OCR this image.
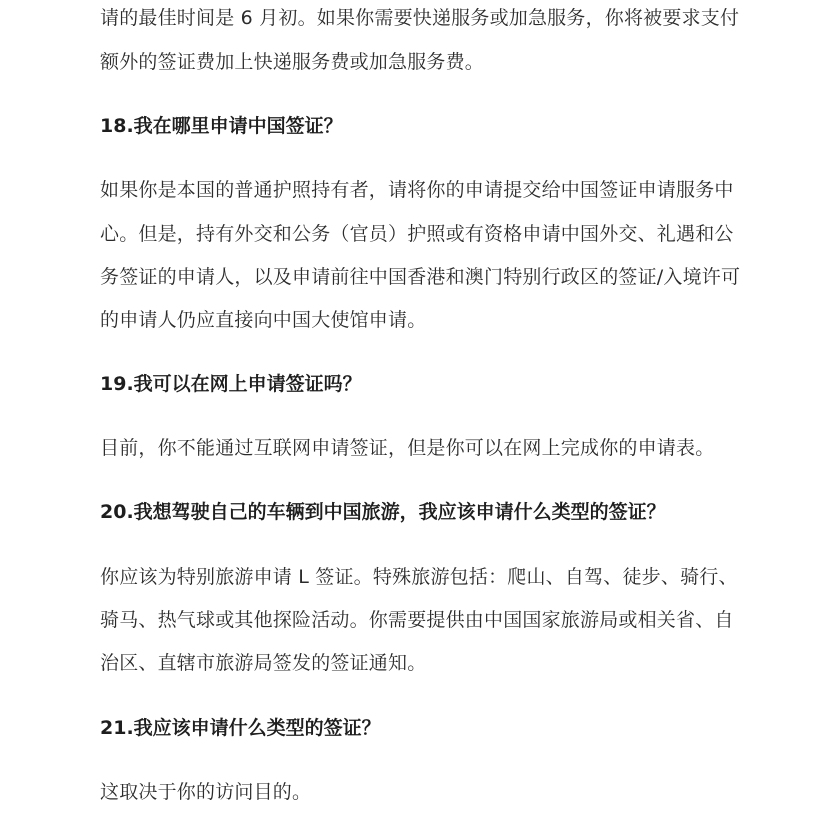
请的最佳时间是 6 月初。如果你需要快递服务或加急服务，你将被要求支付
额外的签证费加上快递服务费或加急服务费。
18.我在哪里申请中国签证？
如果你是本国的普通护照持有者，请将你的申请提交给中国签证申请服务中
心。但是，持有外交和公务（官员）护照或有资格申请中国外交、礼遇和公
务签证的申请人，以及申请前往中国香港和澳门特别行政区的签证/入境许可
的申请人仍应直接向中国大使馆申请。
19.我可以在网上申请签证吗？
目前，你不能通过互联网申请签证，但是你可以在网上完成你的申请表。
20.我想驾驶自己的车辆到中国旅游，我应该申请什么类型的签证？
你应该为特别旅游申请 L 签证。特殊旅游包括：爬山、自驾、徒步、骑行、
骑马、热气球或其他探险活动。你需要提供由中国国家旅游局或相关省、自
治区、直辖市旅游局签发的签证通知。
21.我应该申请什么类型的签证？
这取决于你的访问目的。
